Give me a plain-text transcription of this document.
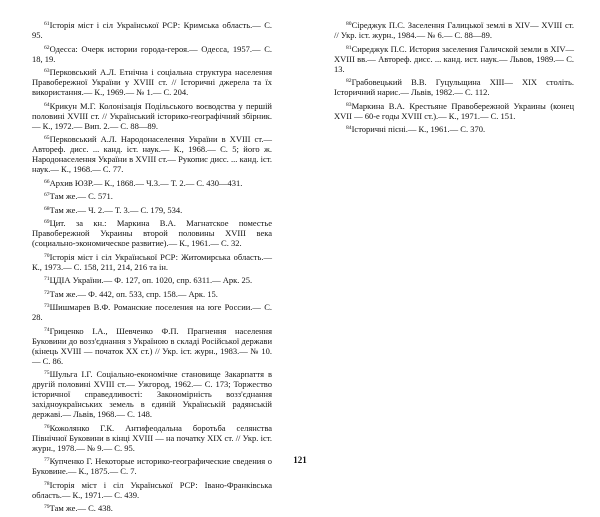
$^{61}$Історія міст і сіл Української РСР: Кримська область.— С. 95.

$^{62}$Одесса: Очерк истории города-героя.— Одесса, 1957.— С. 18, 19.

$^{63}$Перковський А.Л. Етнічна і соціальна структура населення Правобережної України у XVIII ст. // Історичні джерела та їх використання.— К., 1969.— № 1.— С. 204.

$^{64}$Крикун М.Г. Колонізація Подільського воєводства у першій половині XVIII ст. // Український історико-географічний збірник.— К., 1972.— Вип. 2.— С. 88—89.

$^{65}$Перковський А.Л. Народонаселення України в XVIII ст.— Автореф. дисс. ... канд. іст. наук.— К., 1968.— С. 5; його ж. Народонаселення України в XVIII ст.— Рукопис дисс. ... канд. іст. наук.— К., 1968.— С. 77.

$^{66}$Архив ЮЗР.— К., 1868.— Ч.3.— Т. 2.— С. 430—431.

$^{67}$Там же.— С. 571.

$^{68}$Там же.— Ч. 2.— Т. 3.— С. 179, 534.

$^{69}$Цит. за кн.: Маркина В.А. Магнатское поместье Правобережной Украины второй половины XVIII века (социально-экономическое развитие).— К., 1961.— С. 32.

$^{70}$Історія міст і сіл Української РСР: Житомирська область.— К., 1973.— С. 158, 211, 214, 216 та ін.

$^{71}$ЦДІА України.— Ф. 127, оп. 1020, спр. 6311.— Арк. 25.

$^{72}$Там же.— Ф. 442, оп. 533, спр. 158.— Арк. 15.

$^{73}$Шишмарев В.Ф. Романские поселения на юге России.— С. 28.

$^{74}$Гриценко І.А., Шевченко Ф.П. Прагнення населення Буковини до возз'єднання з Україною в складі Російської держави (кінець XVIII — початок XX ст.) // Укр. іст. журн., 1983.— № 10.— С. 86.

$^{75}$Шульга І.Г. Соціально-економічне становище Закарпаття в другій половині XVIII ст.— Ужгород, 1962.— С. 173; Торжество історичної справедливості: Закономірність возз'єднання західноукраїнських земель в єдиній Українській радянській державі.— Львів, 1968.— С. 148.

$^{76}$Кожолянко Г.К. Антифеодальна боротьба селянства Північної Буковини в кінці XVIII — на початку XIX ст. // Укр. іст. журн., 1978.— № 9.— С. 95.

$^{77}$Купченко Г. Некоторые историко-географические сведения о Буковине.— К., 1875.— С. 7.

$^{78}$Історія міст і сіл Української РСР: Івано-Франківська область.— К., 1971.— С. 439.

$^{79}$Там же.— С. 438.

$^{80}$Сіреджук П.С. Заселення Галицької землі в XIV— XVIII ст. // Укр. іст. журн., 1984.— № 6.— С. 88—89.

$^{81}$Сиреджук П.С. История заселения Галичской земли в XIV— XVIII вв.— Автореф. дисс. ... канд. ист. наук.— Львов, 1989.— С. 13.

$^{82}$Грабовецький В.В. Гуцульщина XIII— XIX століть. Історичний нарис.— Львів, 1982.— С. 112.

$^{83}$Маркина В.А. Крестьяне Правобережной Украины (конец XVII — 60-е годы XVIII ст.).— К., 1971.— С. 151.

$^{84}$Історичні пісні.— К., 1961.— С. 370.

121
